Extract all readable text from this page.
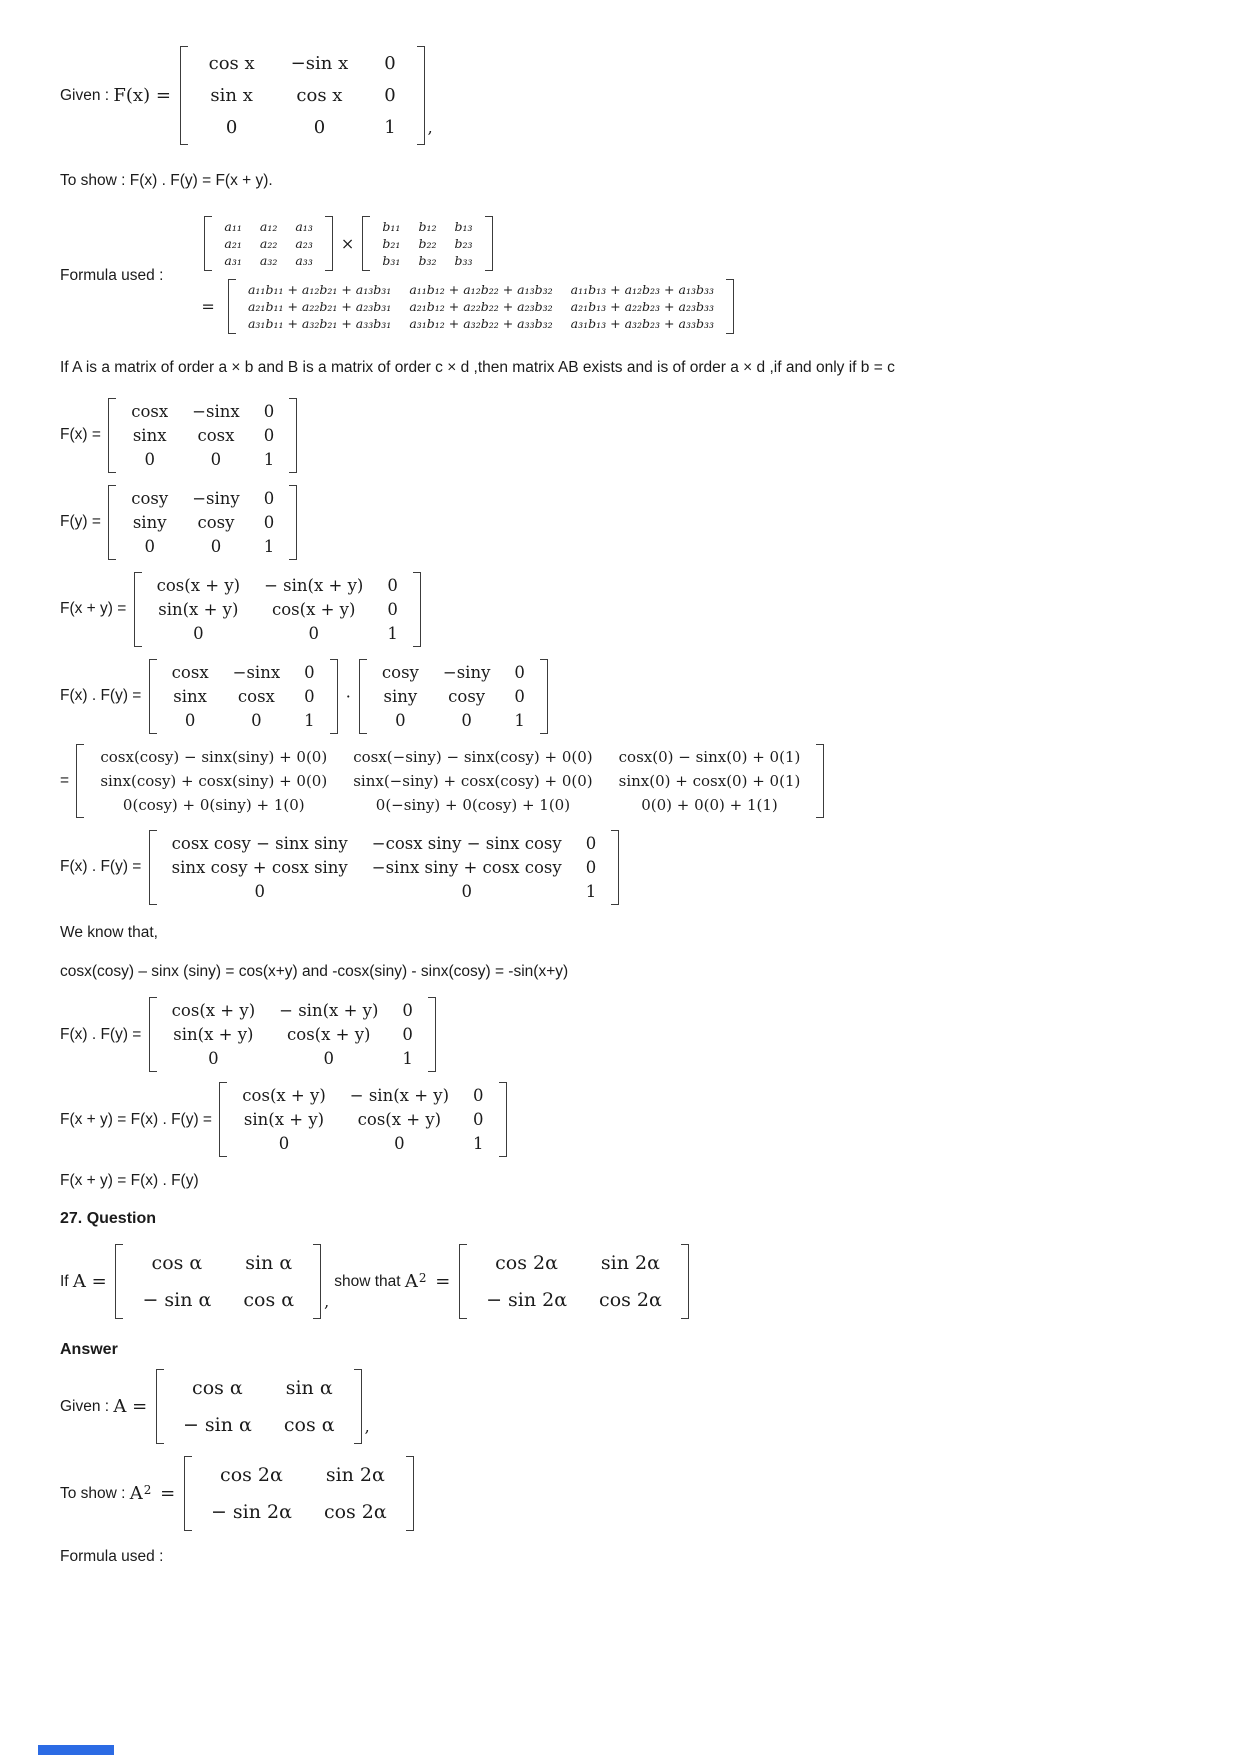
Given : F(x) =
cos x	−sin x	0
sin x	cos x	0
0	0	1	,
To show : F(x) . F(y) = F(x + y).
Formula used :
a₁₁	a₁₂	a₁₃
a₂₁	a₂₂	a₂₃
a₃₁	a₃₂	a₃₃
×
b₁₁	b₁₂	b₁₃
b₂₁	b₂₂	b₂₃
b₃₁	b₃₂	b₃₃
=
a₁₁b₁₁ + a₁₂b₂₁ + a₁₃b₃₁	a₁₁b₁₂ + a₁₂b₂₂ + a₁₃b₃₂	a₁₁b₁₃ + a₁₂b₂₃ + a₁₃b₃₃
a₂₁b₁₁ + a₂₂b₂₁ + a₂₃b₃₁	a₂₁b₁₂ + a₂₂b₂₂ + a₂₃b₃₂	a₂₁b₁₃ + a₂₂b₂₃ + a₂₃b₃₃
a₃₁b₁₁ + a₃₂b₂₁ + a₃₃b₃₁	a₃₁b₁₂ + a₃₂b₂₂ + a₃₃b₃₂	a₃₁b₁₃ + a₃₂b₂₃ + a₃₃b₃₃
If A is a matrix of order a × b and B is a matrix of order c × d ,then matrix AB exists and is of order a × d ,if and only if b = c
F(x) =
cosx	−sinx	0
sinx	cosx	0
0	0	1
F(y) =
cosy	−siny	0
siny	cosy	0
0	0	1
F(x + y) =
cos(x + y)	− sin(x + y)	0
sin(x + y)	cos(x + y)	0
0	0	1
F(x) . F(y) =
cosx	−sinx	0
sinx	cosx	0
0	0	1
·
cosy	−siny	0
siny	cosy	0
0	0	1
=
cosx(cosy) − sinx(siny) + 0(0)	cosx(−siny) − sinx(cosy) + 0(0)	cosx(0) − sinx(0) + 0(1)
sinx(cosy) + cosx(siny) + 0(0)	sinx(−siny) + cosx(cosy) + 0(0)	sinx(0) + cosx(0) + 0(1)
0(cosy) + 0(siny) + 1(0)	0(−siny) + 0(cosy) + 1(0)	0(0) + 0(0) + 1(1)
F(x) . F(y) =
cosx cosy − sinx siny	−cosx siny − sinx cosy	0
sinx cosy + cosx siny	−sinx siny + cosx cosy	0
0	0	1
We know that,
cosx(cosy) – sinx (siny) = cos(x+y) and -cosx(siny) - sinx(cosy) = -sin(x+y)
F(x) . F(y) =
cos(x + y)	− sin(x + y)	0
sin(x + y)	cos(x + y)	0
0	0	1
F(x + y) = F(x) . F(y) =
cos(x + y)	− sin(x + y)	0
sin(x + y)	cos(x + y)	0
0	0	1
F(x + y) = F(x) . F(y)
27. Question
If A =
cos α	sin α
− sin α	cos α	,
show that $A^2$ =
cos 2α	sin 2α
− sin 2α	cos 2α
Answer
Given : A =
cos α	sin α
− sin α	cos α	,
To show : $A^2$ =
cos 2α	sin 2α
− sin 2α	cos 2α
Formula used :
